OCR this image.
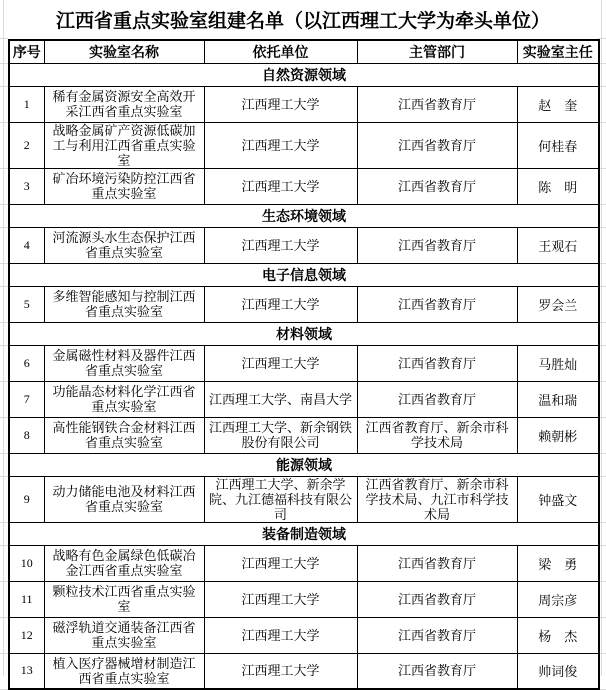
江西省重点实验室组建名单（以江西理工大学为牵头单位）
序号	实验室名称	依托单位	主管部门	实验室主任
自然资源领域				
1	稀有金属资源安全高效开采江西省重点实验室	江西理工大学	江西省教育厅	赵　奎
2	战略金属矿产资源低碳加工与利用江西省重点实验室	江西理工大学	江西省教育厅	何桂春
3	矿冶环境污染防控江西省重点实验室	江西理工大学	江西省教育厅	陈　明
生态环境领域				
4	河流源头水生态保护江西省重点实验室	江西理工大学	江西省教育厅	王观石
电子信息领域				
5	多维智能感知与控制江西省重点实验室	江西理工大学	江西省教育厅	罗会兰
材料领域				
6	金属磁性材料及器件江西省重点实验室	江西理工大学	江西省教育厅	马胜灿
7	功能晶态材料化学江西省重点实验室	江西理工大学、南昌大学	江西省教育厅	温和瑞
8	高性能钢铁合金材料江西省重点实验室	江西理工大学、新余钢铁股份有限公司	江西省教育厅、新余市科学技术局	赖朝彬
能源领域				
9	动力储能电池及材料江西省重点实验室	江西理工大学、新余学院、九江德福科技有限公司	江西省教育厅、新余市科学技术局、九江市科学技术局	钟盛文
装备制造领域				
10	战略有色金属绿色低碳冶金江西省重点实验室	江西理工大学	江西省教育厅	梁　勇
11	颗粒技术江西省重点实验室	江西理工大学	江西省教育厅	周宗彦
12	磁浮轨道交通装备江西省重点实验室	江西理工大学	江西省教育厅	杨　杰
13	植入医疗器械增材制造江西省重点实验室	江西理工大学	江西省教育厅	帅词俊
